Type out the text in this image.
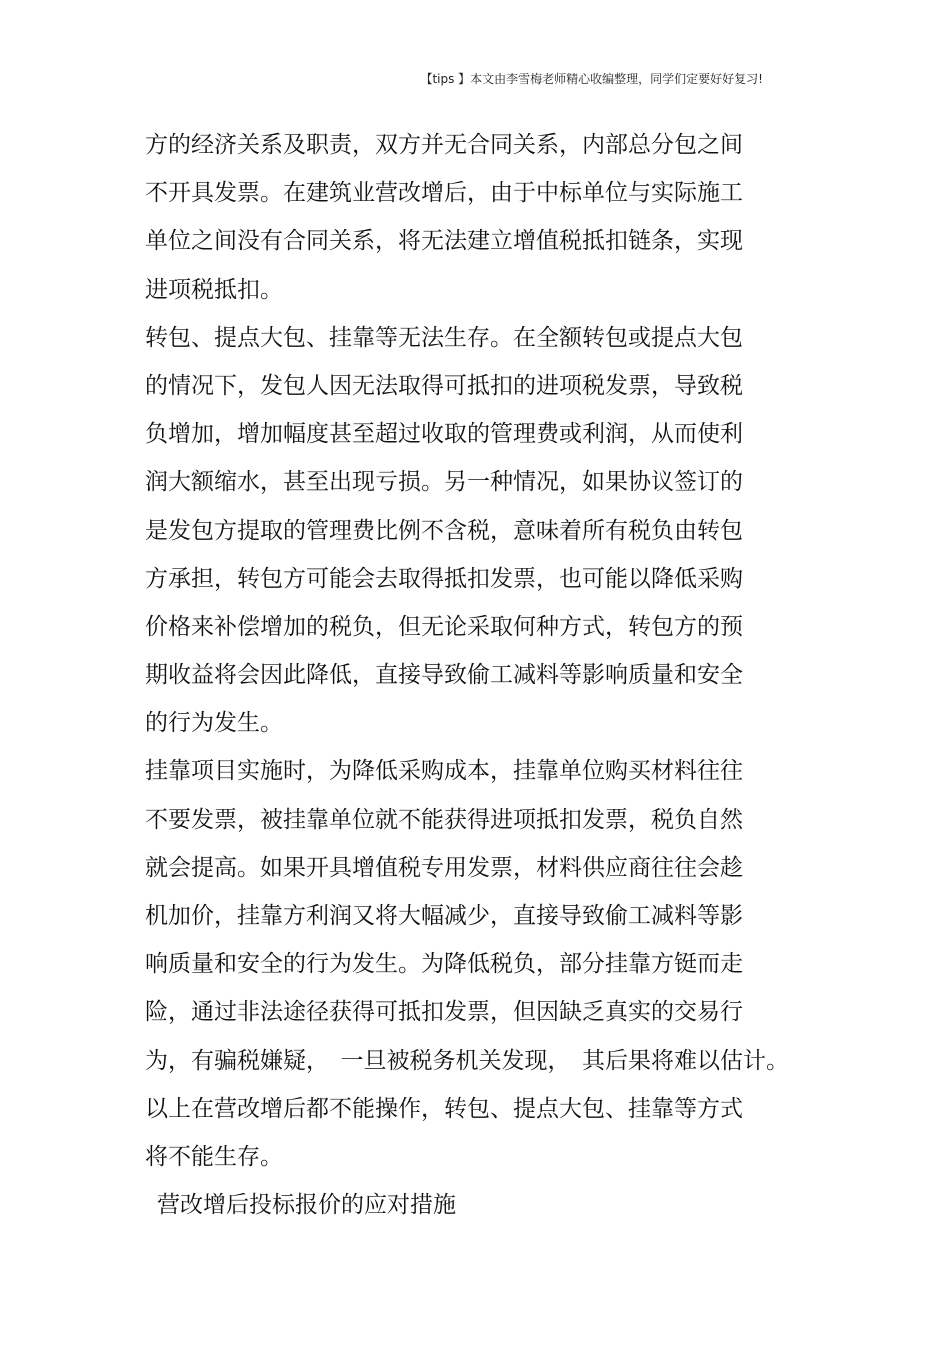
【tips 】本文由李雪梅老师精心收编整理，同学们定要好好复习!
方的经济关系及职责，双方并无合同关系，内部总分包之间
不开具发票。在建筑业营改增后，由于中标单位与实际施工
单位之间没有合同关系，将无法建立增值税抵扣链条，实现
进项税抵扣。
转包、提点大包、挂靠等无法生存。在全额转包或提点大包
的情况下，发包人因无法取得可抵扣的进项税发票，导致税
负增加，增加幅度甚至超过收取的管理费或利润，从而使利
润大额缩水，甚至出现亏损。另一种情况，如果协议签订的
是发包方提取的管理费比例不含税，意味着所有税负由转包
方承担，转包方可能会去取得抵扣发票，也可能以降低采购
价格来补偿增加的税负，但无论采取何种方式，转包方的预
期收益将会因此降低，直接导致偷工减料等影响质量和安全
的行为发生。
挂靠项目实施时，为降低采购成本，挂靠单位购买材料往往
不要发票，被挂靠单位就不能获得进项抵扣发票，税负自然
就会提高。如果开具增值税专用发票，材料供应商往往会趁
机加价，挂靠方利润又将大幅减少，直接导致偷工减料等影
响质量和安全的行为发生。为降低税负，部分挂靠方铤而走
险，通过非法途径获得可抵扣发票，但因缺乏真实的交易行
为，有骗税嫌疑，　一旦被税务机关发现，　其后果将难以估计。
以上在营改增后都不能操作，转包、提点大包、挂靠等方式
将不能生存。
营改增后投标报价的应对措施
